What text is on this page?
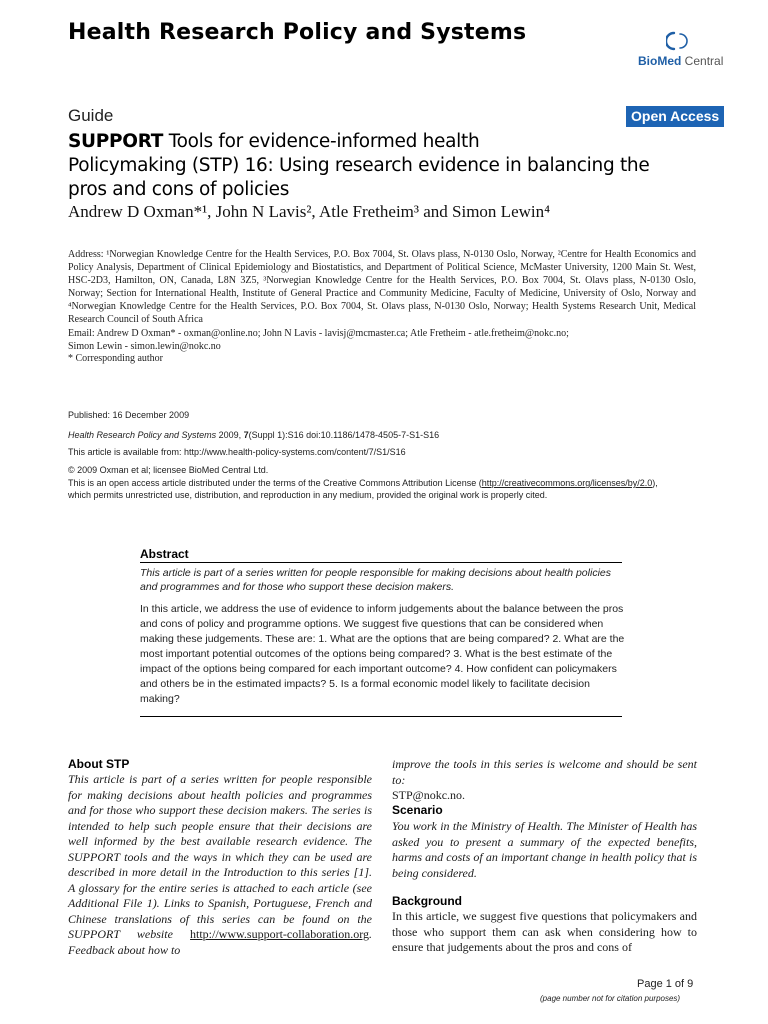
Health Research Policy and Systems
BioMed Central
Guide	Open Access
SUPPORT Tools for evidence-informed health
Policymaking (STP) 16: Using research evidence in balancing the
pros and cons of policies
Andrew D Oxman*¹, John N Lavis², Atle Fretheim³ and Simon Lewin⁴
Address: ¹Norwegian Knowledge Centre for the Health Services, P.O. Box 7004, St. Olavs plass, N-0130 Oslo, Norway, ²Centre for Health Economics and Policy Analysis, Department of Clinical Epidemiology and Biostatistics, and Department of Political Science, McMaster University, 1200 Main St. West, HSC-2D3, Hamilton, ON, Canada, L8N 3Z5, ³Norwegian Knowledge Centre for the Health Services, P.O. Box 7004, St. Olavs plass, N-0130 Oslo, Norway; Section for International Health, Institute of General Practice and Community Medicine, Faculty of Medicine, University of Oslo, Norway and ⁴Norwegian Knowledge Centre for the Health Services, P.O. Box 7004, St. Olavs plass, N-0130 Oslo, Norway; Health Systems Research Unit, Medical Research Council of South Africa
Email: Andrew D Oxman* - oxman@online.no; John N Lavis - lavisj@mcmaster.ca; Atle Fretheim - atle.fretheim@nokc.no;
Simon Lewin - simon.lewin@nokc.no
* Corresponding author
Published: 16 December 2009
Health Research Policy and Systems 2009, 7(Suppl 1):S16 doi:10.1186/1478-4505-7-S1-S16
This article is available from: http://www.health-policy-systems.com/content/7/S1/S16
© 2009 Oxman et al; licensee BioMed Central Ltd.
This is an open access article distributed under the terms of the Creative Commons Attribution License (http://creativecommons.org/licenses/by/2.0),
which permits unrestricted use, distribution, and reproduction in any medium, provided the original work is properly cited.
Abstract
This article is part of a series written for people responsible for making decisions about health policies and programmes and for those who support these decision makers.
In this article, we address the use of evidence to inform judgements about the balance between the pros and cons of policy and programme options. We suggest five questions that can be considered when making these judgements. These are: 1. What are the options that are being compared? 2. What are the most important potential outcomes of the options being compared? 3. What is the best estimate of the impact of the options being compared for each important outcome? 4. How confident can policymakers and others be in the estimated impacts? 5. Is a formal economic model likely to facilitate decision making?
About STP
This article is part of a series written for people responsible for making decisions about health policies and programmes and for those who support these decision makers. The series is intended to help such people ensure that their decisions are well informed by the best available research evidence. The SUPPORT tools and the ways in which they can be used are described in more detail in the Introduction to this series [1]. A glossary for the entire series is attached to each article (see Additional File 1). Links to Spanish, Portuguese, French and Chinese translations of this series can be found on the SUPPORT website http://www.support-collaboration.org. Feedback about how to
improve the tools in this series is welcome and should be sent to:
STP@nokc.no.
Scenario
You work in the Ministry of Health. The Minister of Health has asked you to present a summary of the expected benefits, harms and costs of an important change in health policy that is being considered.
Background
In this article, we suggest five questions that policymakers and those who support them can ask when considering how to ensure that judgements about the pros and cons of
Page 1 of 9
(page number not for citation purposes)
